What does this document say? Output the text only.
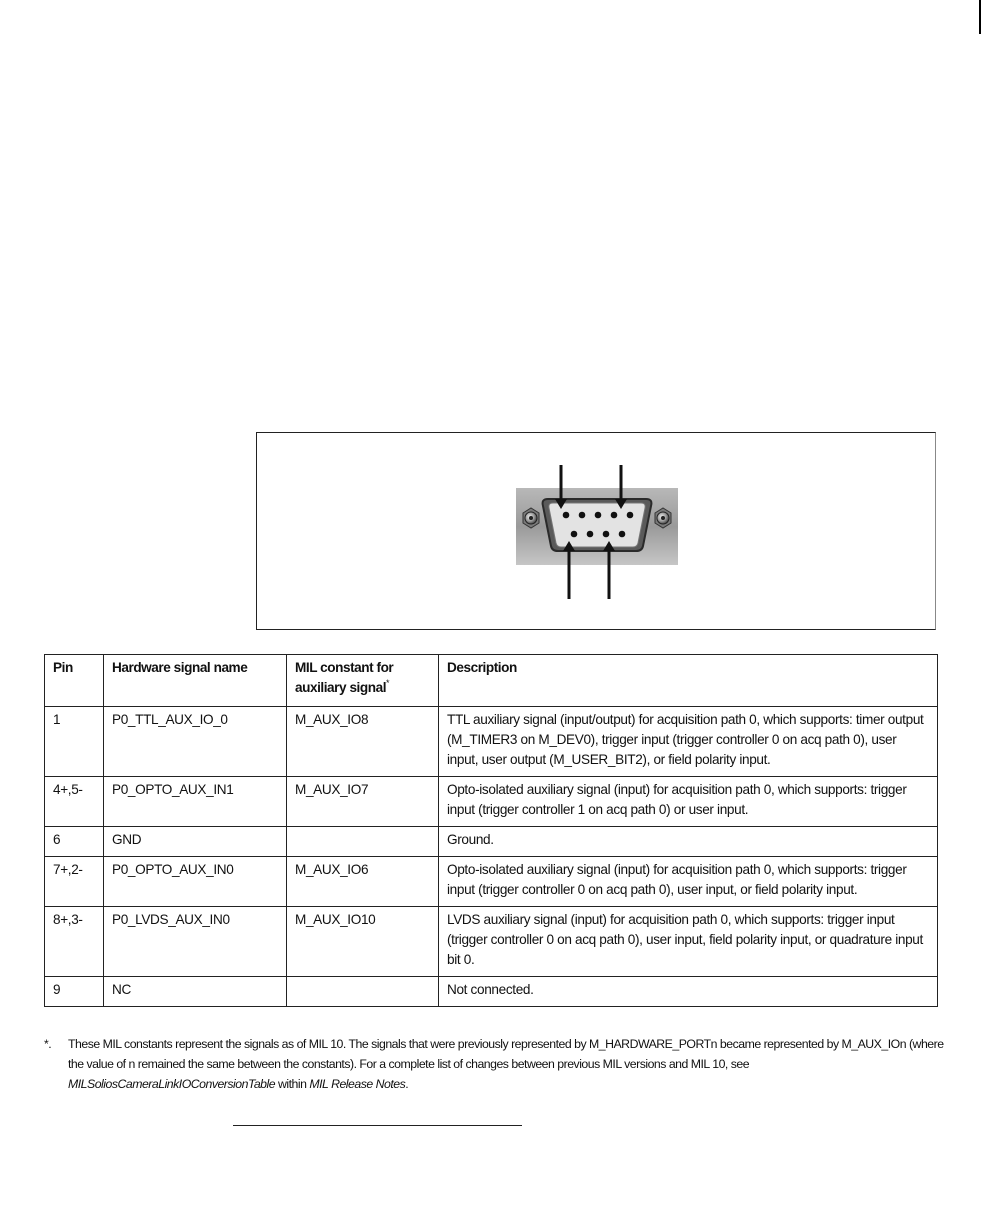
Pin	Hardware signal name	MIL constant for auxiliary signal*	Description
1	P0_TTL_AUX_IO_0	M_AUX_IO8	TTL auxiliary signal (input/output) for acquisition path 0, which supports: timer output (M_TIMER3 on M_DEV0), trigger input (trigger controller 0 on acq path 0), user input, user output (M_USER_BIT2), or field polarity input.
4+,5-	P0_OPTO_AUX_IN1	M_AUX_IO7	Opto-isolated auxiliary signal (input) for acquisition path 0, which supports: trigger input (trigger controller 1 on acq path 0) or user input.
6	GND		Ground.
7+,2-	P0_OPTO_AUX_IN0	M_AUX_IO6	Opto-isolated auxiliary signal (input) for acquisition path 0, which supports: trigger input (trigger controller 0 on acq path 0), user input, or field polarity input.
8+,3-	P0_LVDS_AUX_IN0	M_AUX_IO10	LVDS auxiliary signal (input) for acquisition path 0, which supports: trigger input (trigger controller 0 on acq path 0), user input, field polarity input, or quadrature input bit 0.
9	NC		Not connected.
*. These MIL constants represent the signals as of MIL 10. The signals that were previously represented by M_HARDWARE_PORTn became represented by M_AUX_IOn (where the value of n remained the same between the constants). For a complete list of changes between previous MIL versions and MIL 10, see MILSoliosCameraLinkIOConversionTable within MIL Release Notes.
